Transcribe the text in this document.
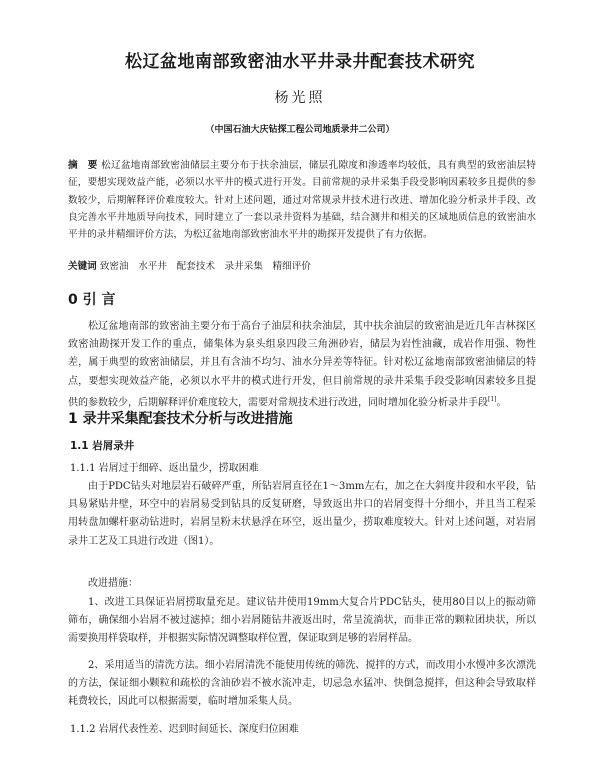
松辽盆地南部致密油水平井录井配套技术研究
杨光照
（中国石油大庆钻探工程公司地质录井二公司）
摘　要 松辽盆地南部致密油储层主要分布于扶余油层，储层孔隙度和渗透率均较低，具有典型的致密油层特征，要想实现效益产能，必须以水平井的模式进行开发。目前常规的录井采集手段受影响因素较多且提供的参数较少，后期解释评价难度较大。针对上述问题，通过对常规录井技术进行改进、增加化验分析录井手段、改良完善水平井地质导向技术，同时建立了一套以录井资料为基础，结合测井和相关的区域地质信息的致密油水平井的录井精细评价方法，为松辽盆地南部致密油水平井的勘探开发提供了有力依据。
关键词 致密油　水平井　配套技术　录井采集　精细评价
0 引 言
松辽盆地南部的致密油主要分布于高台子油层和扶余油层，其中扶余油层的致密油是近几年吉林探区致密油勘探开发工作的重点，储集体为泉头组泉四段三角洲砂岩，储层为岩性油藏，成岩作用强、物性差，属于典型的致密油储层，并且有含油不均匀、油水分异差等特征。针对松辽盆地南部致密油储层的特点，要想实现效益产能，必须以水平井的模式进行开发，但目前常规的录井采集手段受影响因素较多且提供的参数较少，后期解释评价难度较大，需要对常规技术进行改进，同时增加化验分析录井手段[1]。
1 录井采集配套技术分析与改进措施
1.1 岩屑录井
1.1.1 岩屑过于细碎、返出量少，捞取困难
由于PDC钻头对地层岩石破碎严重，所钻岩屑直径在1～3mm左右，加之在大斜度井段和水平段，钻具易紧贴井壁，环空中的岩屑易受到钻具的反复研磨，导致返出井口的岩屑变得十分细小，并且当工程采用转盘加螺杆驱动钻进时，岩屑呈粉末状悬浮在环空，返出量少，捞取难度较大。针对上述问题，对岩屑录井工艺及工具进行改进（图1）。
改进措施：
1、改进工具保证岩屑捞取量充足。建议钻井使用19mm大复合片PDC钻头，使用80目以上的振动筛筛布，确保细小岩屑不被过滤掉；细小岩屑随钻井液返出时，常呈流淌状，而非正常的颗粒团块状，所以需要换用样袋取样，并根据实际情况调整取样位置，保证取到足够的岩屑样品。
2、采用适当的清洗方法。细小岩屑清洗不能使用传统的筛洗、搅拌的方式，而改用小水慢冲多次漂洗的方法，保证细小颗粒和疏松的含油砂岩不被水流冲走，切忌急水猛冲、快倒急搅拌，但这种会导致取样耗费较长，因此可以根据需要，临时增加采集人员。
1.1.2 岩屑代表性差、迟到时间延长、深度归位困难
